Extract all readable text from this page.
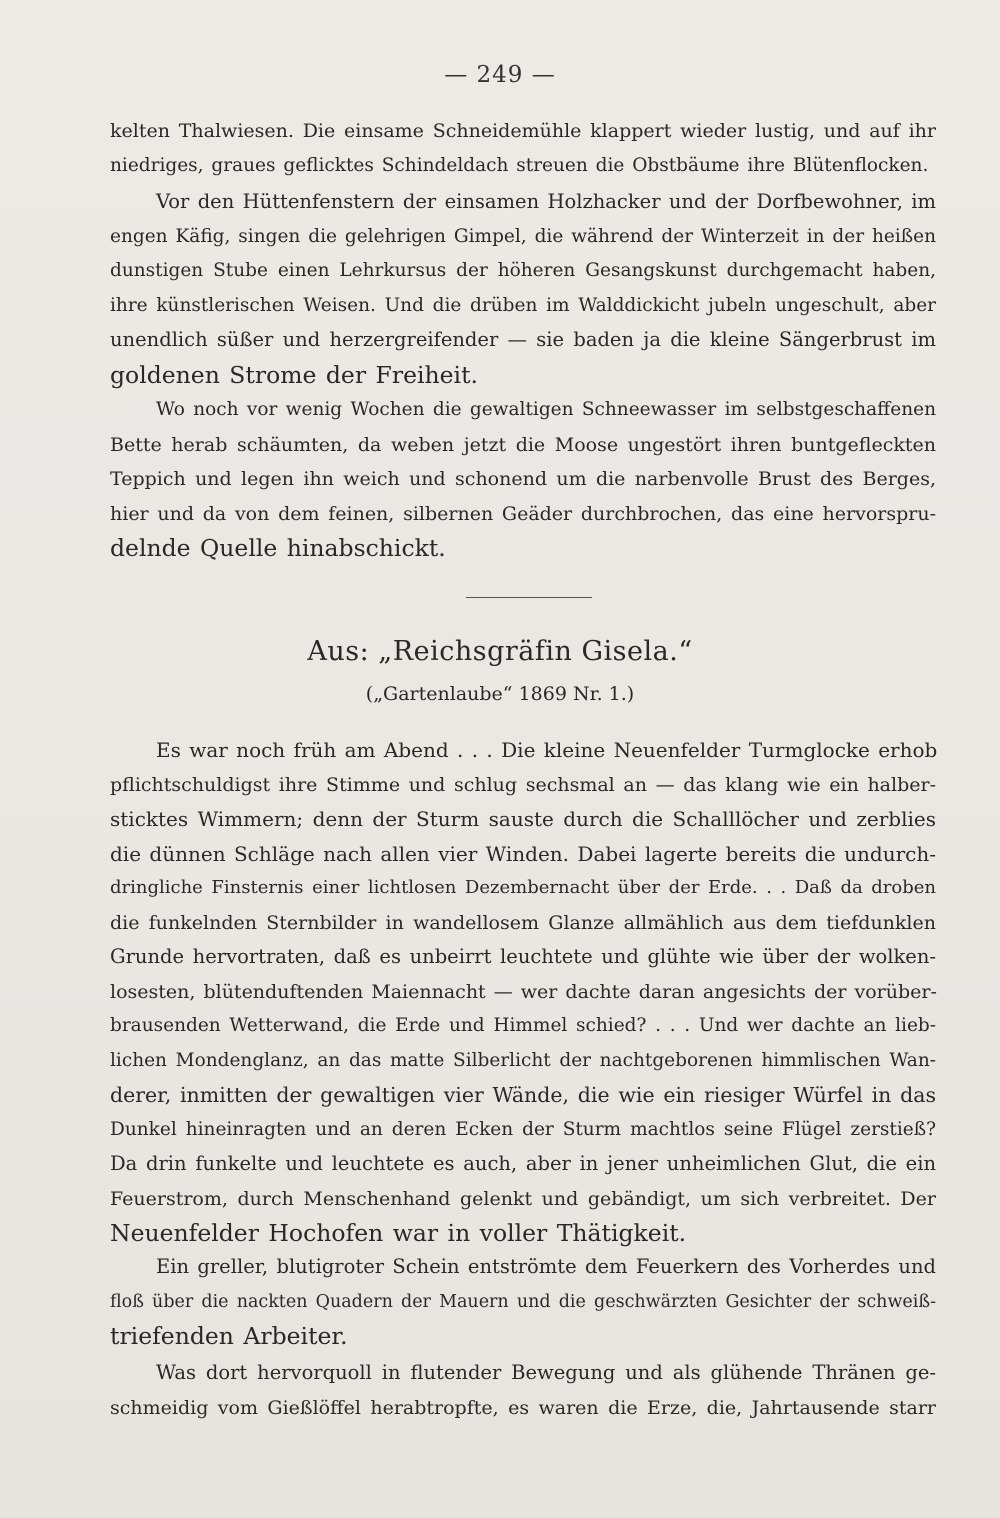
— 249 —
kelten Thalwiesen. Die einsame Schneidemühle klappert wieder lustig, und auf ihr
niedriges, graues geflicktes Schindeldach streuen die Obstbäume ihre Blütenflocken.
Vor den Hüttenfenstern der einsamen Holzhacker und der Dorfbewohner, im
engen Käfig, singen die gelehrigen Gimpel, die während der Winterzeit in der heißen
dunstigen Stube einen Lehrkursus der höheren Gesangskunst durchgemacht haben,
ihre künstlerischen Weisen. Und die drüben im Walddickicht jubeln ungeschult, aber
unendlich süßer und herzergreifender — sie baden ja die kleine Sängerbrust im
goldenen Strome der Freiheit.
Wo noch vor wenig Wochen die gewaltigen Schneewasser im selbstgeschaffenen
Bette herab schäumten, da weben jetzt die Moose ungestört ihren buntgefleckten
Teppich und legen ihn weich und schonend um die narbenvolle Brust des Berges,
hier und da von dem feinen, silbernen Geäder durchbrochen, das eine hervorspru-
delnde Quelle hinabschickt.
Aus: „Reichsgräfin Gisela.“
(„Gartenlaube“ 1869 Nr. 1.)
Es war noch früh am Abend . . . Die kleine Neuenfelder Turmglocke erhob
pflichtschuldigst ihre Stimme und schlug sechsmal an — das klang wie ein halber-
sticktes Wimmern; denn der Sturm sauste durch die Schalllöcher und zerblies
die dünnen Schläge nach allen vier Winden. Dabei lagerte bereits die undurch-
dringliche Finsternis einer lichtlosen Dezembernacht über der Erde. . . Daß da droben
die funkelnden Sternbilder in wandellosem Glanze allmählich aus dem tiefdunklen
Grunde hervortraten, daß es unbeirrt leuchtete und glühte wie über der wolken-
losesten, blütenduftenden Maiennacht — wer dachte daran angesichts der vorüber-
brausenden Wetterwand, die Erde und Himmel schied? . . . Und wer dachte an lieb-
lichen Mondenglanz, an das matte Silberlicht der nachtgeborenen himmlischen Wan-
derer, inmitten der gewaltigen vier Wände, die wie ein riesiger Würfel in das
Dunkel hineinragten und an deren Ecken der Sturm machtlos seine Flügel zerstieß?
Da drin funkelte und leuchtete es auch, aber in jener unheimlichen Glut, die ein
Feuerstrom, durch Menschenhand gelenkt und gebändigt, um sich verbreitet. Der
Neuenfelder Hochofen war in voller Thätigkeit.
Ein greller, blutigroter Schein entströmte dem Feuerkern des Vorherdes und
floß über die nackten Quadern der Mauern und die geschwärzten Gesichter der schweiß-
triefenden Arbeiter.
Was dort hervorquoll in flutender Bewegung und als glühende Thränen ge-
schmeidig vom Gießlöffel herabtropfte, es waren die Erze, die, Jahrtausende starr
